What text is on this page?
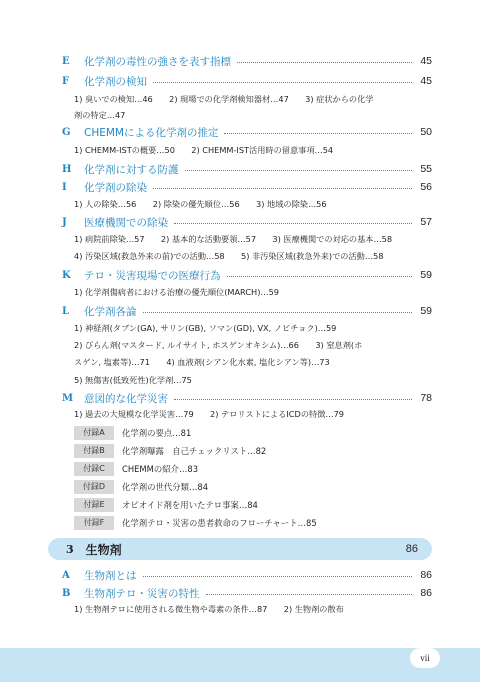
E	化学剤の毒性の強さを表す指標	45
F	化学剤の検知	45
1) 臭いでの検知…46　　2) 現場での化学剤検知器材…47　　3) 症状からの化学
剤の特定…47
G	CHEMMによる化学剤の推定	50
1) CHEMM-ISTの概要…50　　2) CHEMM-IST活用時の留意事項…54
H	化学剤に対する防護	55
I	化学剤の除染	56
1) 人の除染…56　　2) 除染の優先順位…56　　3) 地域の除染…56
J	医療機関での除染	57
1) 病院前除染…57　　2) 基本的な活動要領…57　　3) 医療機関での対応の基本…58
4) 汚染区域(救急外来の前)での活動…58　　5) 非汚染区域(救急外来)での活動…58
K	テロ・災害現場での医療行為	59
1) 化学剤傷病者における治療の優先順位(MARCH)…59
L	化学剤各論	59
1) 神経剤(タブン(GA), サリン(GB), ソマン(GD), VX, ノビチョク)…59
2) びらん剤(マスタード, ルイサイト, ホスゲンオキシム)…66　　3) 窒息剤(ホ
スゲン, 塩素等)…71　　4) 血液剤(シアン化水素, 塩化シアン等)…73
5) 無傷害(低致死性)化学剤…75
M	意図的な化学災害	78
1) 過去の大規模な化学災害…79　　2) テロリストによるICDの特徴…79
付録A	化学剤の要点…81
付録B	化学剤曝露　自己チェックリスト…82
付録C	CHEMMの紹介…83
付録D	化学剤の世代分類…84
付録E	オピオイド剤を用いたテロ事案…84
付録F	化学剤テロ・災害の患者救命のフローチャート…85
3 生物剤	86
A	生物剤とは	86
B	生物剤テロ・災害の特性	86
1) 生物剤テロに使用される微生物や毒素の条件…87　　2) 生物剤の散布
vii
